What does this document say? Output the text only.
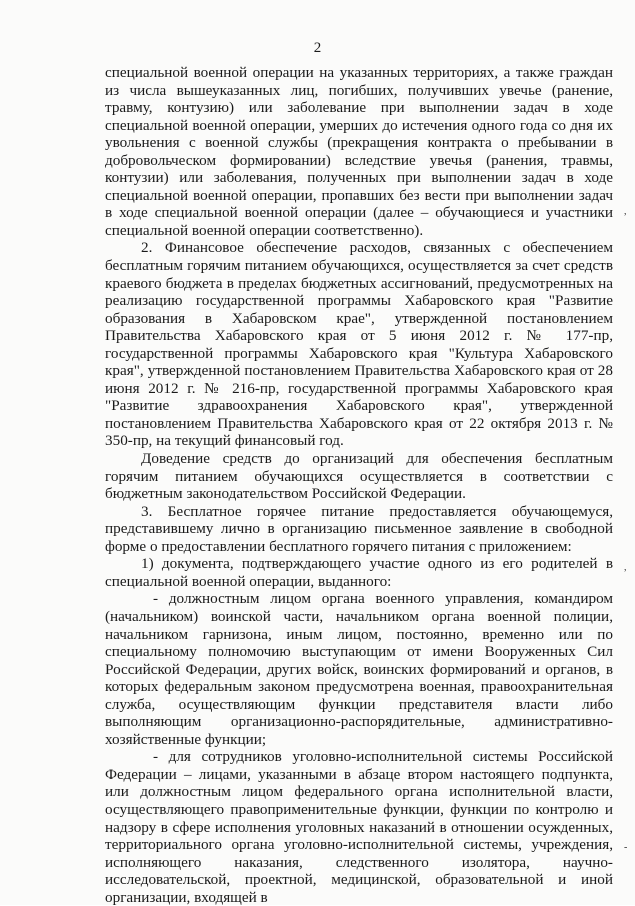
2

специальной военной операции на указанных территориях, а также граждан из числа вышеуказанных лиц, погибших, получивших увечье (ранение, травму, контузию) или заболевание при выполнении задач в ходе специальной военной операции, умерших до истечения одного года со дня их увольнения с военной службы (прекращения контракта о пребывании в добровольческом формировании) вследствие увечья (ранения, травмы, контузии) или заболевания, полученных при выполнении задач в ходе специальной военной операции, пропавших без вести при выполнении задач в ходе специальной военной операции (далее – обучающиеся и участники специальной военной операции соответственно).

2. Финансовое обеспечение расходов, связанных с обеспечением бесплатным горячим питанием обучающихся, осуществляется за счет средств краевого бюджета в пределах бюджетных ассигнований, предусмотренных на реализацию государственной программы Хабаровского края "Развитие образования в Хабаровском крае", утвержденной постановлением Правительства Хабаровского края от 5 июня 2012 г. № 177-пр, государственной программы Хабаровского края "Культура Хабаровского края", утвержденной постановлением Правительства Хабаровского края от 28 июня 2012 г. № 216-пр, государственной программы Хабаровского края "Развитие здравоохранения Хабаровского края", утвержденной постановлением Правительства Хабаровского края от 22 октября 2013 г. № 350-пр, на текущий финансовый год.

Доведение средств до организаций для обеспечения бесплатным горячим питанием обучающихся осуществляется в соответствии с бюджетным законодательством Российской Федерации.

3. Бесплатное горячее питание предоставляется обучающемуся, представившему лично в организацию письменное заявление в свободной форме о предоставлении бесплатного горячего питания с приложением:

1) документа, подтверждающего участие одного из его родителей в специальной военной операции, выданного:

- должностным лицом органа военного управления, командиром (начальником) воинской части, начальником органа военной полиции, начальником гарнизона, иным лицом, постоянно, временно или по специальному полномочию выступающим от имени Вооруженных Сил Российской Федерации, других войск, воинских формирований и органов, в которых федеральным законом предусмотрена военная, правоохранительная служба, осуществляющим функции представителя власти либо выполняющим организационно-распорядительные, административно-хозяйственные функции;

- для сотрудников уголовно-исполнительной системы Российской Федерации – лицами, указанными в абзаце втором настоящего подпункта, или должностным лицом федерального органа исполнительной власти, осуществляющего правоприменительные функции, функции по контролю и надзору в сфере исполнения уголовных наказаний в отношении осужденных, территориального органа уголовно-исполнительной системы, учреждения, исполняющего наказания, следственного изолятора, научно-исследовательской, проектной, медицинской, образовательной и иной организации, входящей в

,
,
-
